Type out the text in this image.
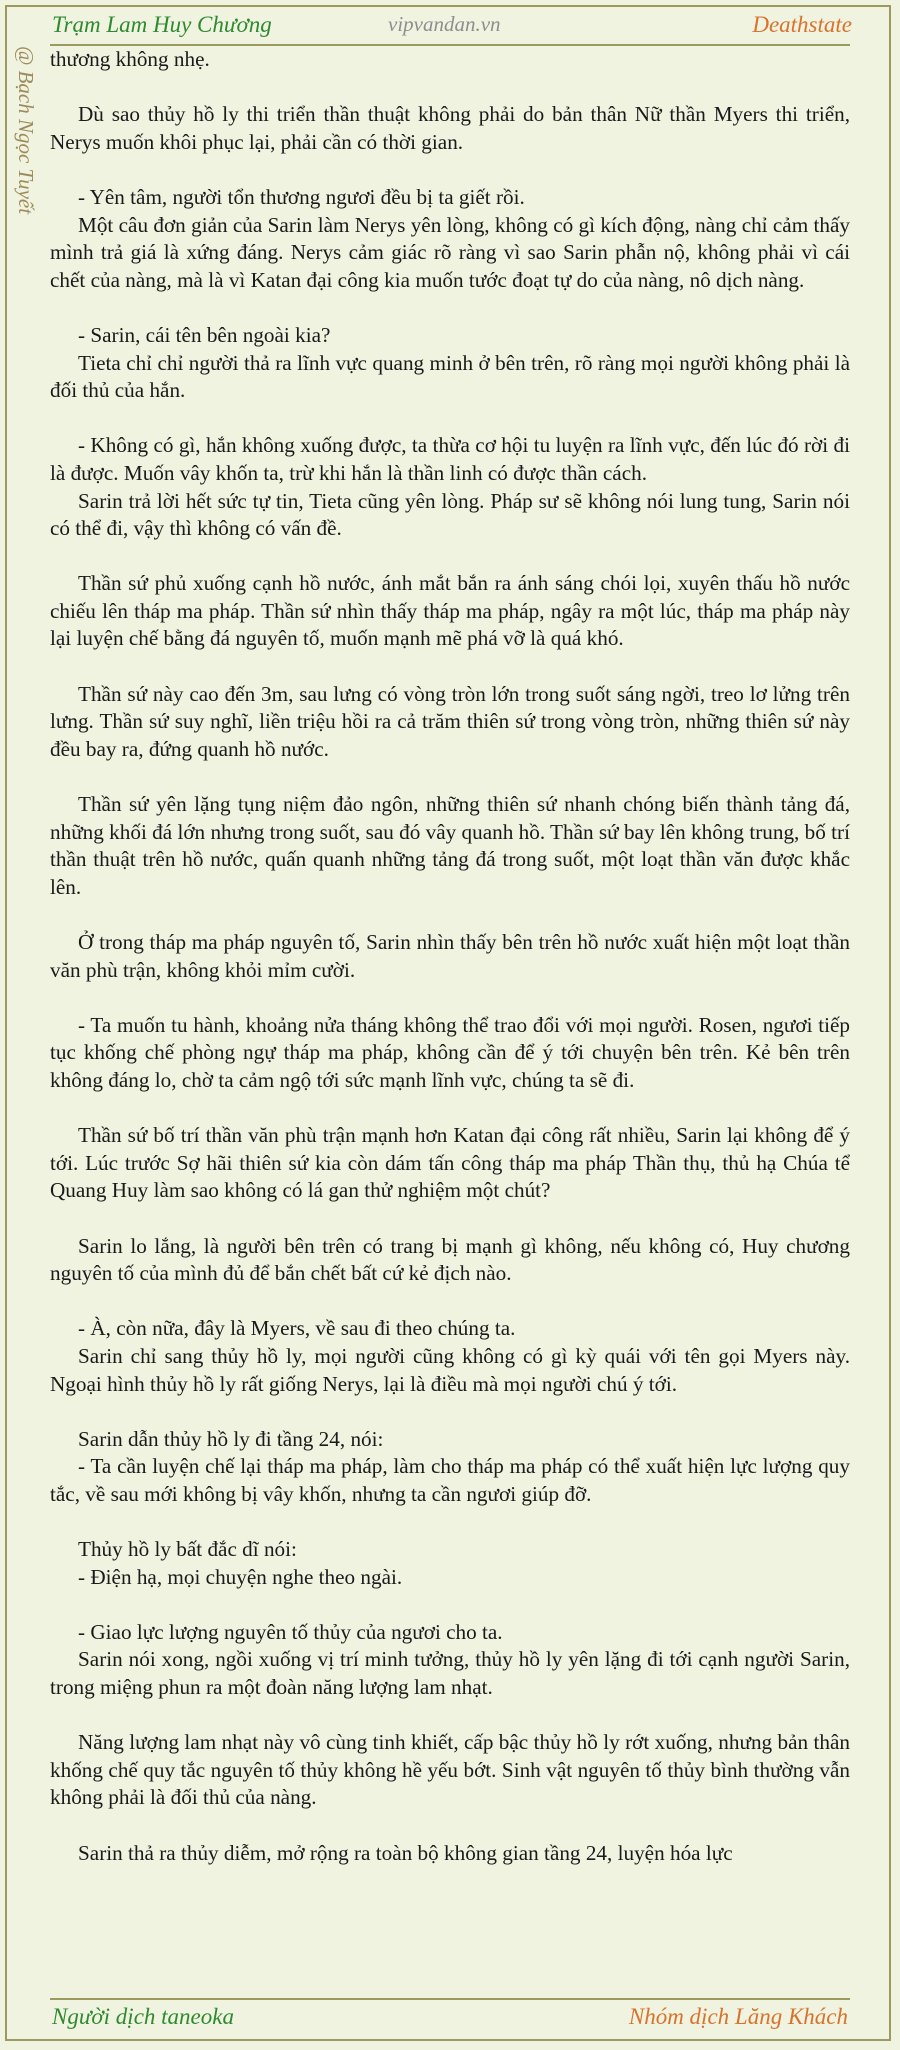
Trạm Lam Huy Chương	vipvandan.vn	Deathstate
@ Bạch Ngọc Tuyết thương không nhẹ.

Dù sao thủy hồ ly thi triển thần thuật không phải do bản thân Nữ thần Myers thi triển, Nerys muốn khôi phục lại, phải cần có thời gian.

- Yên tâm, người tổn thương ngươi đều bị ta giết rồi.

Một câu đơn giản của Sarin làm Nerys yên lòng, không có gì kích động, nàng chỉ cảm thấy mình trả giá là xứng đáng. Nerys cảm giác rõ ràng vì sao Sarin phẫn nộ, không phải vì cái chết của nàng, mà là vì Katan đại công kia muốn tước đoạt tự do của nàng, nô dịch nàng.

- Sarin, cái tên bên ngoài kia?

Tieta chỉ chỉ người thả ra lĩnh vực quang minh ở bên trên, rõ ràng mọi người không phải là đối thủ của hắn.

- Không có gì, hắn không xuống được, ta thừa cơ hội tu luyện ra lĩnh vực, đến lúc đó rời đi là được. Muốn vây khốn ta, trừ khi hắn là thần linh có được thần cách.

Sarin trả lời hết sức tự tin, Tieta cũng yên lòng. Pháp sư sẽ không nói lung tung, Sarin nói có thể đi, vậy thì không có vấn đề.

Thần sứ phủ xuống cạnh hồ nước, ánh mắt bắn ra ánh sáng chói lọi, xuyên thấu hồ nước chiếu lên tháp ma pháp. Thần sứ nhìn thấy tháp ma pháp, ngây ra một lúc, tháp ma pháp này lại luyện chế bằng đá nguyên tố, muốn mạnh mẽ phá vỡ là quá khó.

Thần sứ này cao đến 3m, sau lưng có vòng tròn lớn trong suốt sáng ngời, treo lơ lửng trên lưng. Thần sứ suy nghĩ, liền triệu hồi ra cả trăm thiên sứ trong vòng tròn, những thiên sứ này đều bay ra, đứng quanh hồ nước.

Thần sứ yên lặng tụng niệm đảo ngôn, những thiên sứ nhanh chóng biến thành tảng đá, những khối đá lớn nhưng trong suốt, sau đó vây quanh hồ. Thần sứ bay lên không trung, bố trí thần thuật trên hồ nước, quấn quanh những tảng đá trong suốt, một loạt thần văn được khắc lên.

Ở trong tháp ma pháp nguyên tố, Sarin nhìn thấy bên trên hồ nước xuất hiện một loạt thần văn phù trận, không khỏi mỉm cười.

- Ta muốn tu hành, khoảng nửa tháng không thể trao đổi với mọi người. Rosen, ngươi tiếp tục khống chế phòng ngự tháp ma pháp, không cần để ý tới chuyện bên trên. Kẻ bên trên không đáng lo, chờ ta cảm ngộ tới sức mạnh lĩnh vực, chúng ta sẽ đi.

Thần sứ bố trí thần văn phù trận mạnh hơn Katan đại công rất nhiều, Sarin lại không để ý tới. Lúc trước Sợ hãi thiên sứ kia còn dám tấn công tháp ma pháp Thần thụ, thủ hạ Chúa tể Quang Huy làm sao không có lá gan thử nghiệm một chút?

Sarin lo lắng, là người bên trên có trang bị mạnh gì không, nếu không có, Huy chương nguyên tố của mình đủ để bắn chết bất cứ kẻ địch nào.

- À, còn nữa, đây là Myers, về sau đi theo chúng ta.

Sarin chỉ sang thủy hồ ly, mọi người cũng không có gì kỳ quái với tên gọi Myers này. Ngoại hình thủy hồ ly rất giống Nerys, lại là điều mà mọi người chú ý tới.

Sarin dẫn thủy hồ ly đi tầng 24, nói:

- Ta cần luyện chế lại tháp ma pháp, làm cho tháp ma pháp có thể xuất hiện lực lượng quy tắc, về sau mới không bị vây khốn, nhưng ta cần ngươi giúp đỡ.

Thủy hồ ly bất đắc dĩ nói:

- Điện hạ, mọi chuyện nghe theo ngài.

- Giao lực lượng nguyên tố thủy của ngươi cho ta.

Sarin nói xong, ngồi xuống vị trí minh tưởng, thủy hồ ly yên lặng đi tới cạnh người Sarin, trong miệng phun ra một đoàn năng lượng lam nhạt.

Năng lượng lam nhạt này vô cùng tinh khiết, cấp bậc thủy hồ ly rớt xuống, nhưng bản thân khống chế quy tắc nguyên tố thủy không hề yếu bớt. Sinh vật nguyên tố thủy bình thường vẫn không phải là đối thủ của nàng.

Sarin thả ra thủy diễm, mở rộng ra toàn bộ không gian tầng 24, luyện hóa lực

Người dịch taneoka	Nhóm dịch Lăng Khách
